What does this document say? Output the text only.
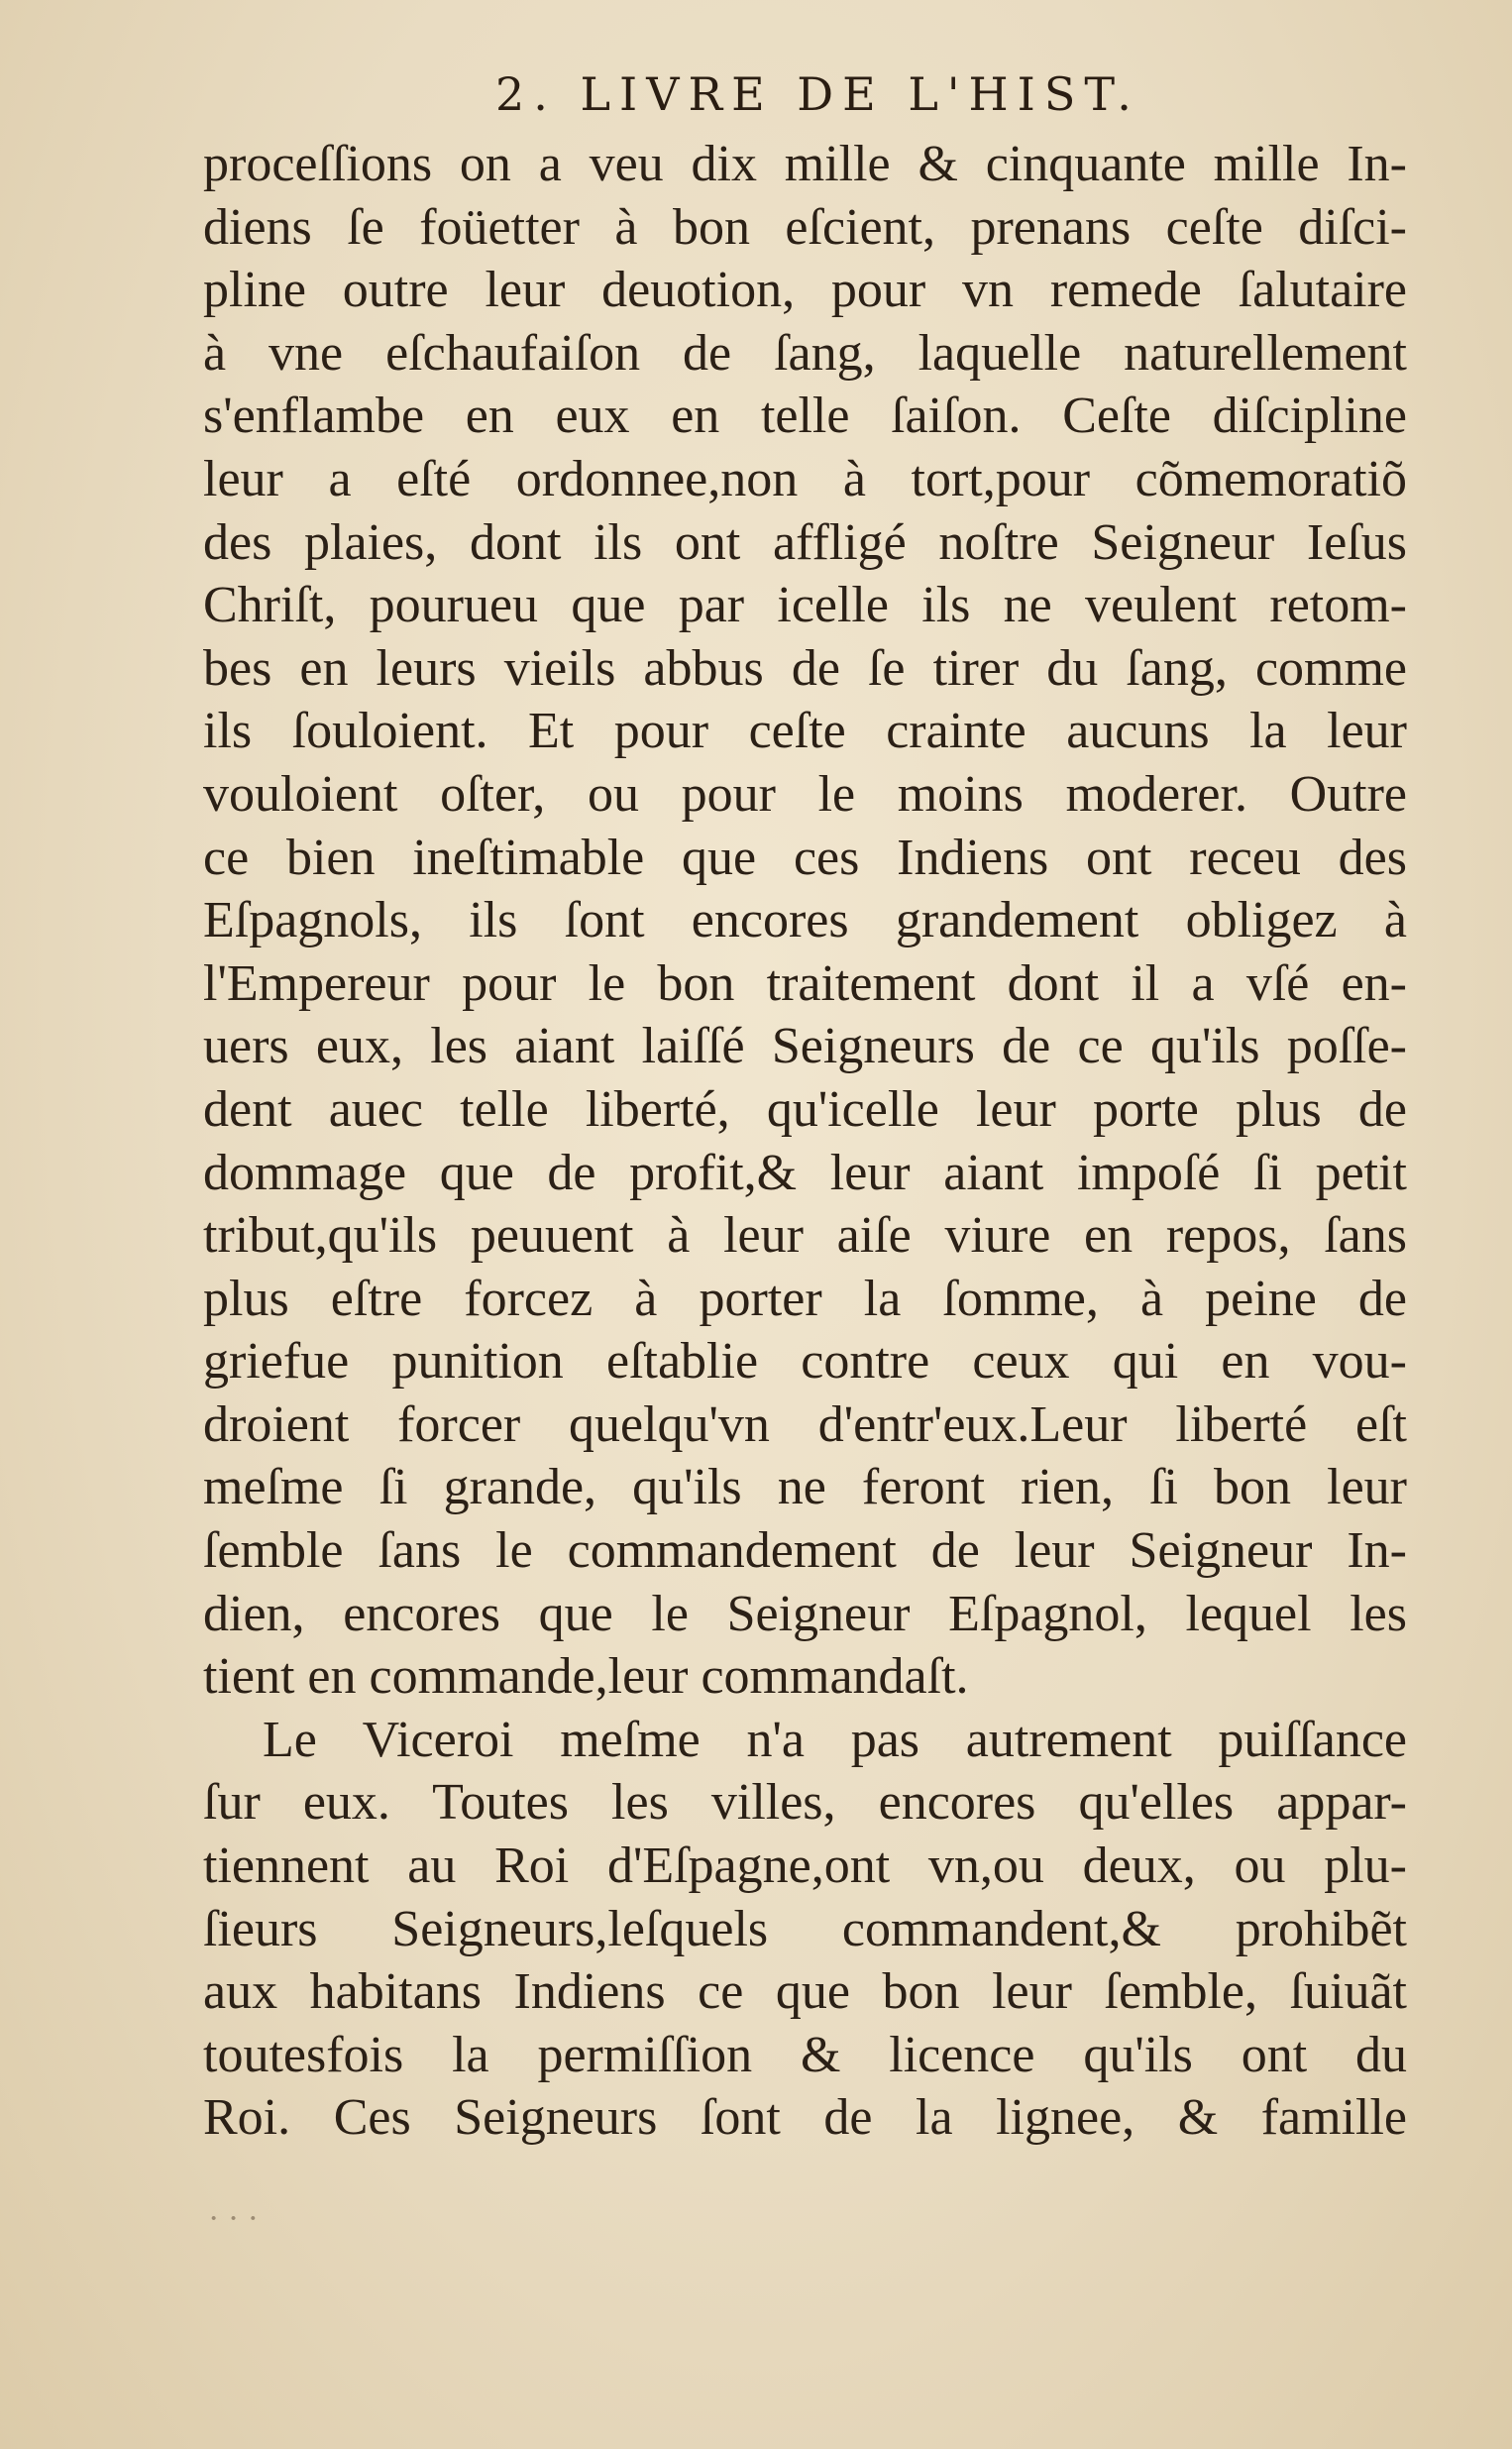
2. LIVRE DE L'HIST.
proceſſions on a veu dix mille & cinquante mille In-
diens ſe foüetter à bon eſcient, prenans ceſte diſci-
pline outre leur deuotion, pour vn remede ſalutaire
à vne eſchaufaiſon de ſang, laquelle naturellement
s'enflambe en eux en telle ſaiſon. Ceſte diſcipline
leur a eſté ordonnee,non à tort,pour cõmemoratiõ
des plaies, dont ils ont affligé noſtre Seigneur Ieſus
Chriſt, pourueu que par icelle ils ne veulent retom-
bes en leurs vieils abbus de ſe tirer du ſang, comme
ils ſouloient. Et pour ceſte crainte aucuns la leur
vouloient oſter, ou pour le moins moderer. Outre
ce bien ineſtimable que ces Indiens ont receu des
Eſpagnols, ils ſont encores grandement obligez à
l'Empereur pour le bon traitement dont il a vſé en-
uers eux, les aiant laiſſé Seigneurs de ce qu'ils poſſe-
dent auec telle liberté, qu'icelle leur porte plus de
dommage que de profit,& leur aiant impoſé ſi petit
tribut,qu'ils peuuent à leur aiſe viure en repos, ſans
plus eſtre forcez à porter la ſomme, à peine de
griefue punition eſtablie contre ceux qui en vou-
droient forcer quelqu'vn d'entr'eux.Leur liberté eſt
meſme ſi grande, qu'ils ne feront rien, ſi bon leur
ſemble ſans le commandement de leur Seigneur In-
dien, encores que le Seigneur Eſpagnol, lequel les
tient en commande,leur commandaſt.
Le Viceroi meſme n'a pas autrement puiſſance
ſur eux. Toutes les villes, encores qu'elles appar-
tiennent au Roi d'Eſpagne,ont vn,ou deux, ou plu-
ſieurs Seigneurs,leſquels commandent,& prohibẽt
aux habitans Indiens ce que bon leur ſemble, ſuiuãt
toutesfois la permiſſion & licence qu'ils ont du
Roi. Ces Seigneurs ſont de la lignee, & famille
· · ·
